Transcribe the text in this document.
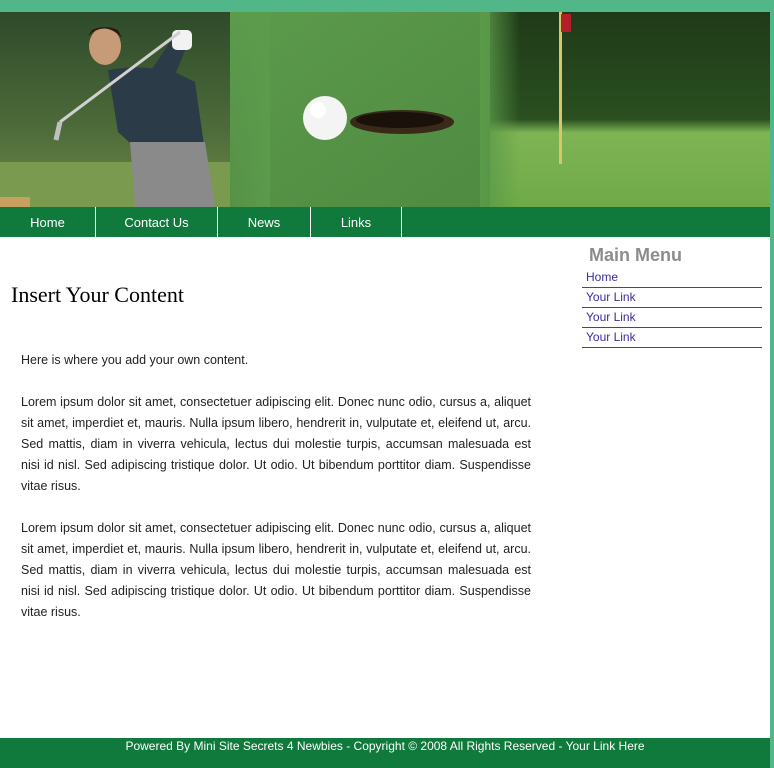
Home	Contact Us	News	Links
Main Menu
Home
Your Link
Your Link
Your Link
Insert Your Content

Here is where you add your own content.

Lorem ipsum dolor sit amet, consectetuer adipiscing elit. Donec nunc odio, cursus a, aliquet sit amet, imperdiet et, mauris. Nulla ipsum libero, hendrerit in, vulputate et, eleifend ut, arcu. Sed mattis, diam in viverra vehicula, lectus dui molestie turpis, accumsan malesuada est nisi id nisl. Sed adipiscing tristique dolor. Ut odio. Ut bibendum porttitor diam. Suspendisse vitae risus.

Lorem ipsum dolor sit amet, consectetuer adipiscing elit. Donec nunc odio, cursus a, aliquet sit amet, imperdiet et, mauris. Nulla ipsum libero, hendrerit in, vulputate et, eleifend ut, arcu. Sed mattis, diam in viverra vehicula, lectus dui molestie turpis, accumsan malesuada est nisi id nisl. Sed adipiscing tristique dolor. Ut odio. Ut bibendum porttitor diam. Suspendisse vitae risus.

Powered By Mini Site Secrets 4 Newbies - Copyright © 2008 All Rights Reserved - Your Link Here
